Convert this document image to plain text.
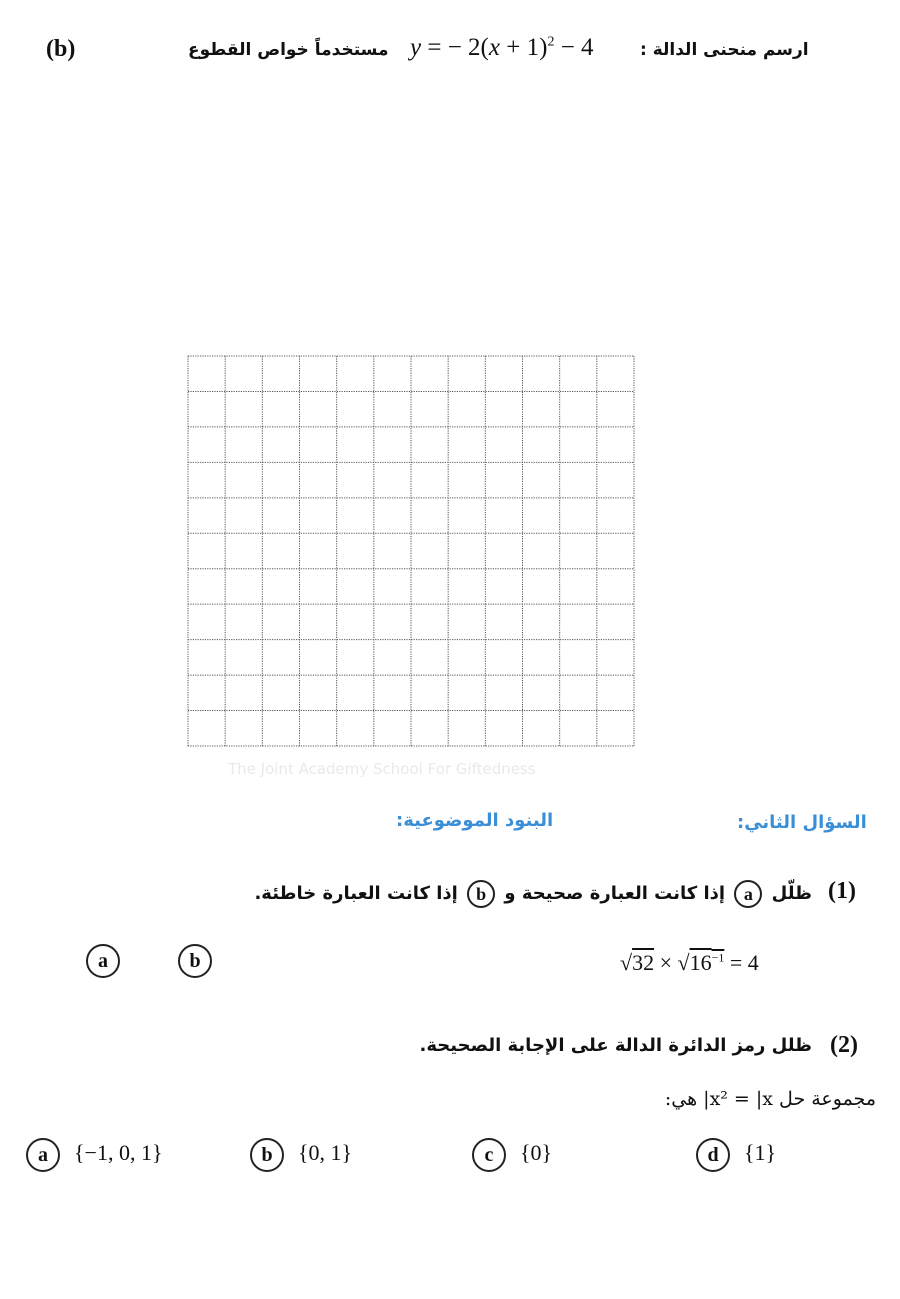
(b)	مستخدماً خواص القطوع y = − $2(x + 1)^2 - 4$	ارسم منحنى الدالة :
The Joint Academy School For Giftedness
السؤال الثاني:
البنود الموضوعية:
(1)
ظلّل a إذا كانت العبارة صحيحة و b إذا كانت العبارة خاطئة.
a	b	$√32 \times √16^{-1} = 4$
(2)
ظلل رمز الدائرة الدالة على الإجابة الصحيحة.
مجموعة حل x² = |x| هي:
a	{−1, 0, 1}	b	{0, 1}	c	{0}	d	{1}
